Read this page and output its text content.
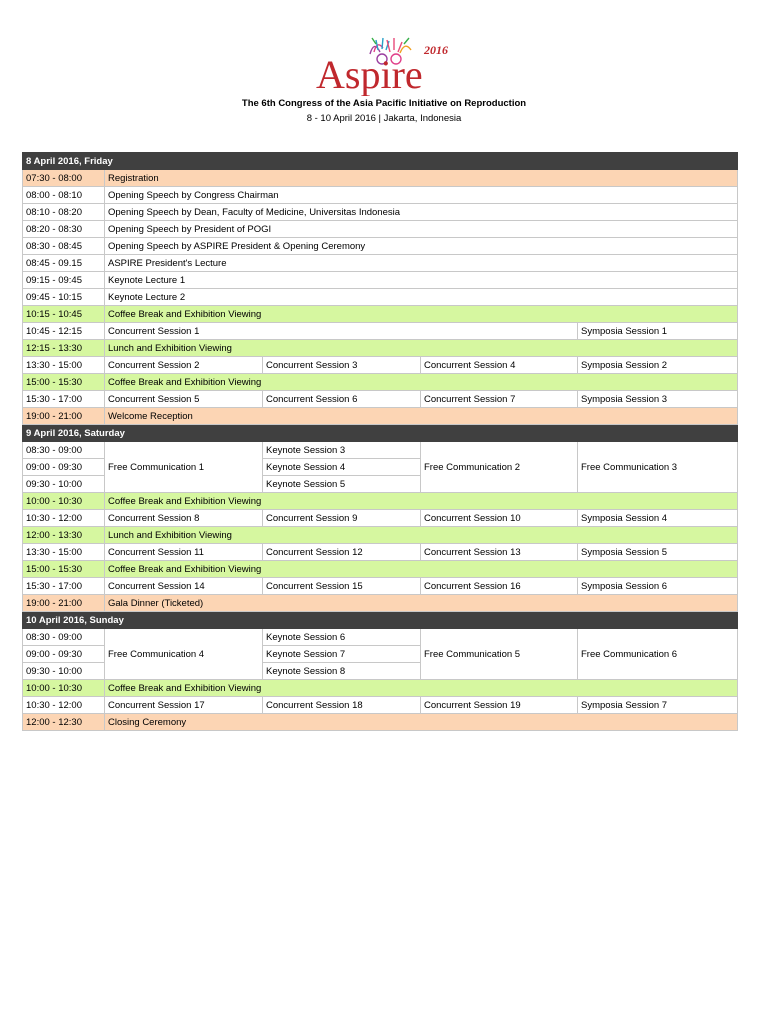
Aspire
2016
The 6th Congress of the Asia Pacific Initiative on Reproduction
8 - 10 April 2016 | Jakarta, Indonesia
8 April 2016, Friday				
07:30 - 08:00	Registration			
08:00 - 08:10	Opening Speech by Congress Chairman			
08:10 - 08:20	Opening Speech by Dean, Faculty of Medicine, Universitas Indonesia			
08:20 - 08:30	Opening Speech by President of POGI			
08:30 - 08:45	Opening Speech by ASPIRE President & Opening Ceremony			
08:45 - 09.15	ASPIRE President's Lecture			
09:15 - 09:45	Keynote Lecture 1			
09:45 - 10:15	Keynote Lecture 2			
10:15 - 10:45	Coffee Break and Exhibition Viewing			
10:45 - 12:15	Concurrent Session 1			Symposia Session 1
12:15 - 13:30	Lunch and Exhibition Viewing			
13:30 - 15:00	Concurrent Session 2	Concurrent Session 3	Concurrent Session 4	Symposia Session 2
15:00 - 15:30	Coffee Break and Exhibition Viewing			
15:30 - 17:00	Concurrent Session 5	Concurrent Session 6	Concurrent Session 7	Symposia Session 3
19:00 - 21:00	Welcome Reception			
9 April 2016, Saturday				
08:30 - 09:00	Free Communication 1	Keynote Session 3	Free Communication 2	Free Communication 3
09:00 - 09:30		Keynote Session 4		
09:30 - 10:00		Keynote Session 5		
10:00 - 10:30	Coffee Break and Exhibition Viewing			
10:30 - 12:00	Concurrent Session 8	Concurrent Session 9	Concurrent Session 10	Symposia Session 4
12:00 - 13:30	Lunch and Exhibition Viewing			
13:30 - 15:00	Concurrent Session 11	Concurrent Session 12	Concurrent Session 13	Symposia Session 5
15:00 - 15:30	Coffee Break and Exhibition Viewing			
15:30 - 17:00	Concurrent Session 14	Concurrent Session 15	Concurrent Session 16	Symposia Session 6
19:00 - 21:00	Gala Dinner (Ticketed)			
10 April 2016, Sunday				
08:30 - 09:00	Free Communication 4	Keynote Session 6	Free Communication 5	Free Communication 6
09:00 - 09:30		Keynote Session 7		
09:30 - 10:00		Keynote Session 8		
10:00 - 10:30	Coffee Break and Exhibition Viewing			
10:30 - 12:00	Concurrent Session 17	Concurrent Session 18	Concurrent Session 19	Symposia Session 7
12:00 - 12:30	Closing Ceremony			
